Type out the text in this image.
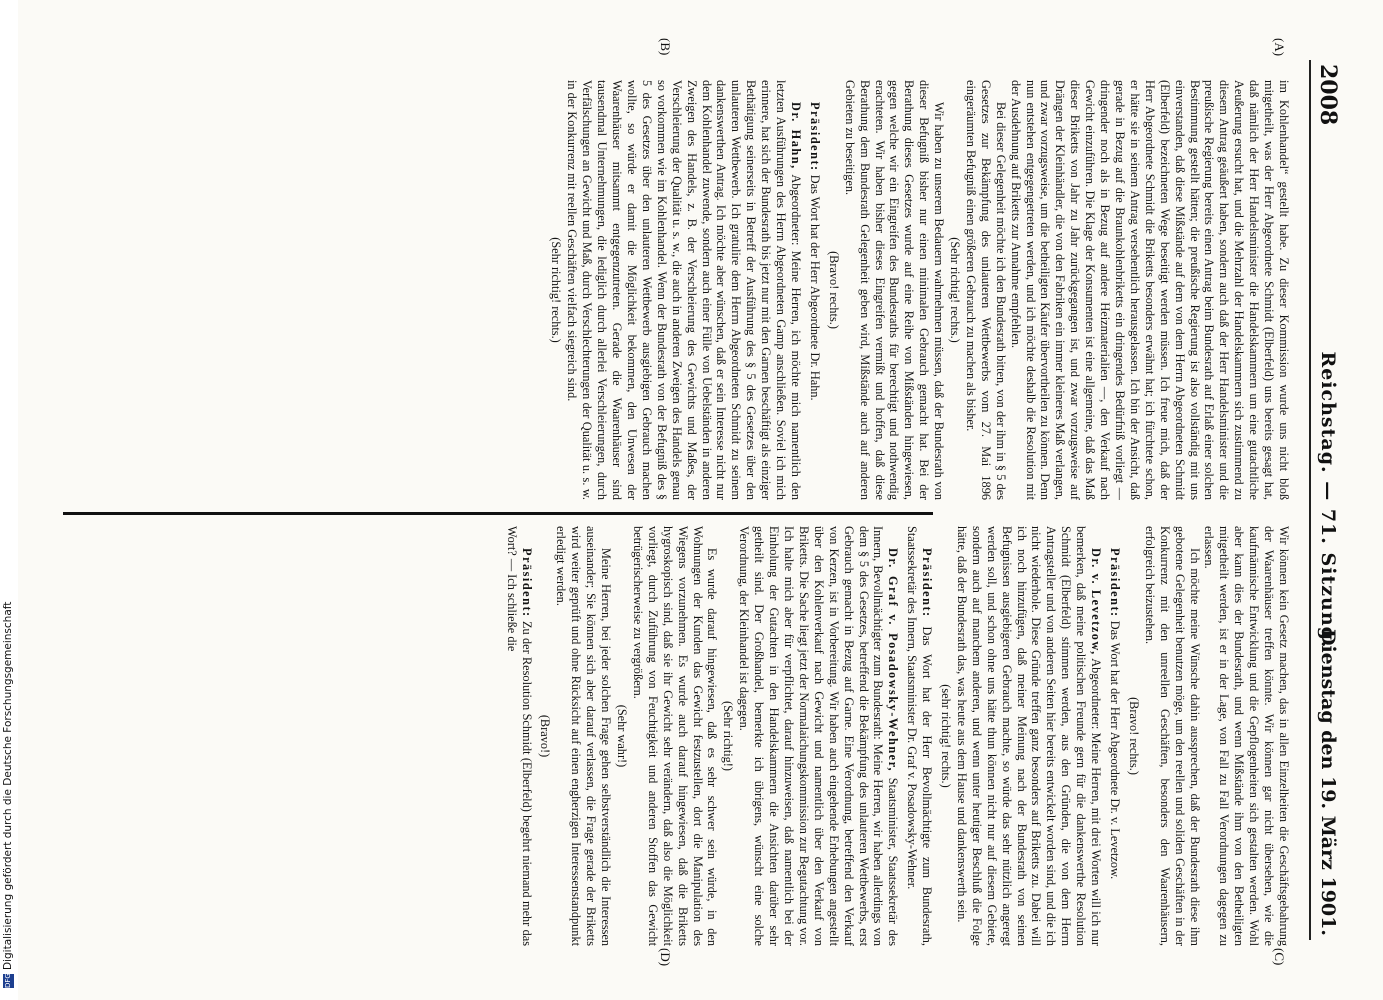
2008
Reichstag. — 71. Sitzung.
Dienstag den 19. März 1901.
(A)
(B)
(C)
(D)

im Kohlenhandel“ gestellt habe. Zu dieser Kommission wurde uns nicht bloß mitgetheilt, was der Herr Abgeordnete Schmidt (Elberfeld) uns bereits gesagt hat, daß nämlich der Herr Handelsminister die Handelskammern um eine gutachtliche Aeußerung ersucht hat, und die Mehrzahl der Handelskammern sich zustimmend zu diesem Antrag geäußert haben, sondern auch daß der Herr Handelsminister und die preußische Regierung bereits einen Antrag beim Bundesrath auf Erlaß einer solchen Bestimmung gestellt hätten; die preußische Regierung ist also vollständig mit uns einverstanden, daß diese Mißstände auf dem von dem Herrn Abgeordneten Schmidt (Elberfeld) bezeichneten Wege beseitigt werden müssen. Ich freue mich, daß der Herr Abgeordnete Schmidt die Briketts besonders erwähnt hat; ich fürchtete schon, er hätte sie in seinem Antrag versehentlich herausgelassen. Ich bin der Ansicht, daß gerade in Bezug auf die Braunkohlenbriketts ein dringendes Bedürfniß vorliegt — dringender noch als in Bezug auf andere Heizmaterialien —, den Verkauf nach Gewicht einzuführen. Die Klage der Konsumenten ist eine allgemeine, daß das Maß dieser Briketts von Jahr zu Jahr zurückgegangen ist, und zwar vorzugsweise auf Drängen der Kleinhändler, die von den Fabriken ein immer kleineres Maß verlangen, und zwar vorzugsweise, um die betheiligten Käufer übervortheilen zu können. Denn nun entstehen entgegengetreten werden, und ich möchte deshalb die Resolution mit der Ausdehnung auf Briketts zur Annahme empfehlen.

Bei dieser Gelegenheit möchte ich den Bundesrath bitten, von der ihm in § 5 des Gesetzes zur Bekämpfung des unlauteren Wettbewerbs vom 27. Mai 1896 eingeräumten Befugniß einen größeren Gebrauch zu machen als bisher.

(Sehr richtig! rechts.)

Wir haben zu unserem Bedauern wahrnehmen müssen, daß der Bundesrath von dieser Befugniß bisher nur einen minimalen Gebrauch gemacht hat. Bei der Berathung dieses Gesetzes wurde auf eine Reihe von Mißständen hingewiesen, gegen welche wir ein Eingreifen des Bundesraths für berechtigt und nothwendig erachteten. Wir haben bisher dieses Eingreifen vermißt und hoffen, daß diese Berathung dem Bundesrath Gelegenheit geben wird, Mißstände auch auf anderen Gebieten zu beseitigen.

(Bravo! rechts.)

Präsident: Das Wort hat der Herr Abgeordnete Dr. Hahn.

Dr. Hahn, Abgeordneter: Meine Herren, ich möchte mich namentlich den letzten Ausführungen des Herrn Abgeordneten Gamp anschließen. Soviel ich mich erinnere, hat sich der Bundesrath bis jetzt nur mit den Garnen beschäftigt als einziger Bethätigung seinerseits in Betreff der Ausführung des § 5 des Gesetzes über den unlauteren Wettbewerb. Ich gratulire dem Herrn Abgeordneten Schmidt zu seinem dankenswerthen Antrag. Ich möchte aber wünschen, daß er sein Interesse nicht nur dem Kohlenhandel zuwende, sondern auch einer Fülle von Uebelständen in anderen Zweigen des Handels, z. B. der Verschleierung des Gewichts und Maßes, der Verschleierung der Qualität u. s. w., die auch in anderen Zweigen des Handels genau so vorkommen wie im Kohlenhandel. Wenn der Bundesrath von der Befugniß des § 5 des Gesetzes über den unlauteren Wettbewerb ausgiebigen Gebrauch machen wollte, so würde er damit die Möglichkeit bekommen, den Unwesen der Waarenhäuser mitsammt entgegenzutreten. Gerade die Waarenhäuser sind tausendmal Unternehmungen, die lediglich durch allerlei Verschleierungen, durch Verfälschungen an Gewicht und Maß, durch Verschlechterungen der Qualität u. s. w. in der Konkurrenz mit reellen Geschäften vielfach siegreich sind.

(Sehr richtig! rechts.)

Wir können kein Gesetz machen, das in allen Einzelheiten die Geschäftsgebahrung der Waarenhäuser treffen könnte. Wir können gar nicht übersehen, wie die kaufmännische Entwicklung und die Gepflogenheiten sich gestalten werden. Wohl aber kann dies der Bundesrath, und wenn Mißstände ihm von den Betheiligten mitgetheilt werden, ist er in der Lage, von Fall zu Fall Verordnungen dagegen zu erlassen.

Ich möchte meine Wünsche dahin aussprechen, daß der Bundesrath diese ihm gebotene Gelegenheit benutzen möge, um den reellen und soliden Geschäften in der Konkurrenz mit den unreellen Geschäften, besonders den Waarenhäusern, erfolgreich beizustehen.

(Bravo! rechts.)

Präsident: Das Wort hat der Herr Abgeordnete Dr. v. Levetzow.

Dr. v. Levetzow, Abgeordneter: Meine Herren, mit drei Worten will ich nur bemerken, daß meine politischen Freunde gern für die dankenswerthe Resolution Schmidt (Elberfeld) stimmen werden, aus den Gründen, die von dem Herrn Antragsteller und von anderen Seiten hier bereits entwickelt worden sind, und die ich nicht wiederhole. Diese Gründe treffen ganz besonders auf Briketts zu. Dabei will ich noch hinzufügen, daß meiner Meinung nach der Bundesrath von seinen Befugnissen ausgiebigeren Gebrauch machte, so würde das sehr nützlich angeregt werden soll, und schon ohne uns hätte thun können nicht nur auf diesem Gebiete, sondern auch auf manchem anderen, und wenn unter heutiger Beschluß die Folge hätte, daß der Bundesrath das, was heute aus dem Hause und dankenswerth sein.

(sehr richtig! rechts.)

Präsident: Das Wort hat der Herr Bevollmächtigte zum Bundesrath, Staatssekretär des Innern, Staatsminister Dr. Graf v. Posadowsky-Wehner.

Dr. Graf v. Posadowsky-Wehner, Staatsminister, Staatssekretär des Innern, Bevollmächtigter zum Bundesrath: Meine Herren, wir haben allerdings von dem § 5 des Gesetzes, betreffend die Bekämpfung des unlauteren Wettbewerbs, erst Gebrauch gemacht in Bezug auf Garne. Eine Verordnung, betreffend den Verkauf von Kerzen, ist in Vorbereitung. Wir haben auch eingehende Erhebungen angestellt über den Kohlenverkauf nach Gewicht und namentlich über den Verkauf von Briketts. Die Sache liegt jetzt der Normalaichungskommission zur Begutachtung vor. Ich halte mich aber für verpflichtet, darauf hinzuweisen, daß namentlich bei der Einholung der Gutachten in den Handelskammern die Ansichten darüber sehr getheilt sind. Der Großhandel, bemerkte ich übrigens, wünscht eine solche Verordnung, der Kleinhandel ist dagegen.

(Sehr richtig!)

Es wurde darauf hingewiesen, daß es sehr schwer sein würde, in den Wohnungen der Kunden das Gewicht festzustellen, dort die Manipulation des Wiegens vorzunehmen. Es wurde auch darauf hingewiesen, daß die Briketts hygroskopisch sind, daß sie ihr Gewicht sehr verändern, daß also die Möglichkeit vorliegt, durch Zuführung von Feuchtigkeit und anderen Stoffen das Gewicht betrügerischerweise zu vergrößern.

(Sehr wahr!)

Meine Herren, bei jeder solchen Frage gehen selbstverständlich die Interessen auseinander; Sie können sich aber darauf verlassen, die Frage gerade der Briketts wird weiter geprüft und ohne Rücksicht auf einen engherzigen Interessenstandpunkt erledigt werden.

(Bravo!)

Präsident: Zu der Resolution Schmidt (Elberfeld) begehrt niemand mehr das Wort? — Ich schließe die

DFGDigitalisierung gefördert durch die Deutsche Forschungsgemeinschaft
